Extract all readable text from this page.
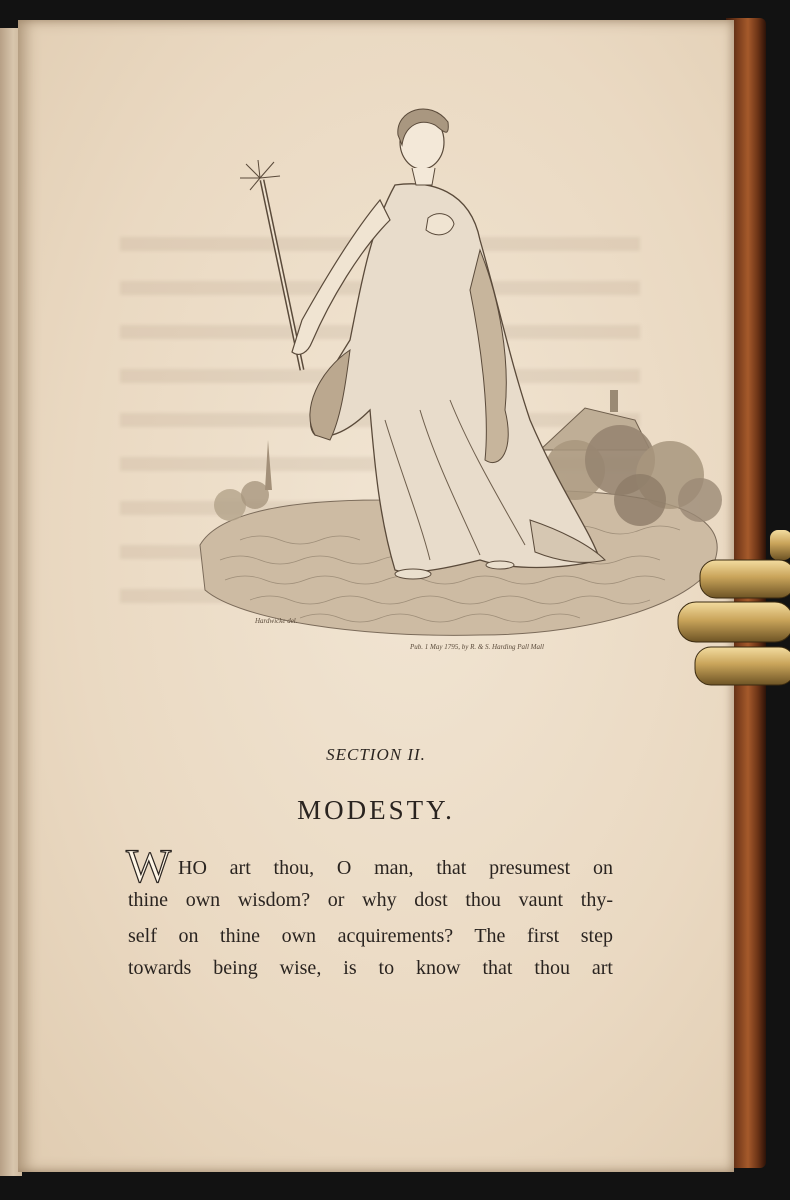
Hardwicke del.
Pub. 1 May 1795, by R. & S. Harding Pall Mall
SECTION II.
MODESTY.
W HO art thou, O man, that presumest on
thine own wisdom? or why dost thou vaunt thy-
self on thine own acquirements? The first step
towards being wise, is to know that thou art
